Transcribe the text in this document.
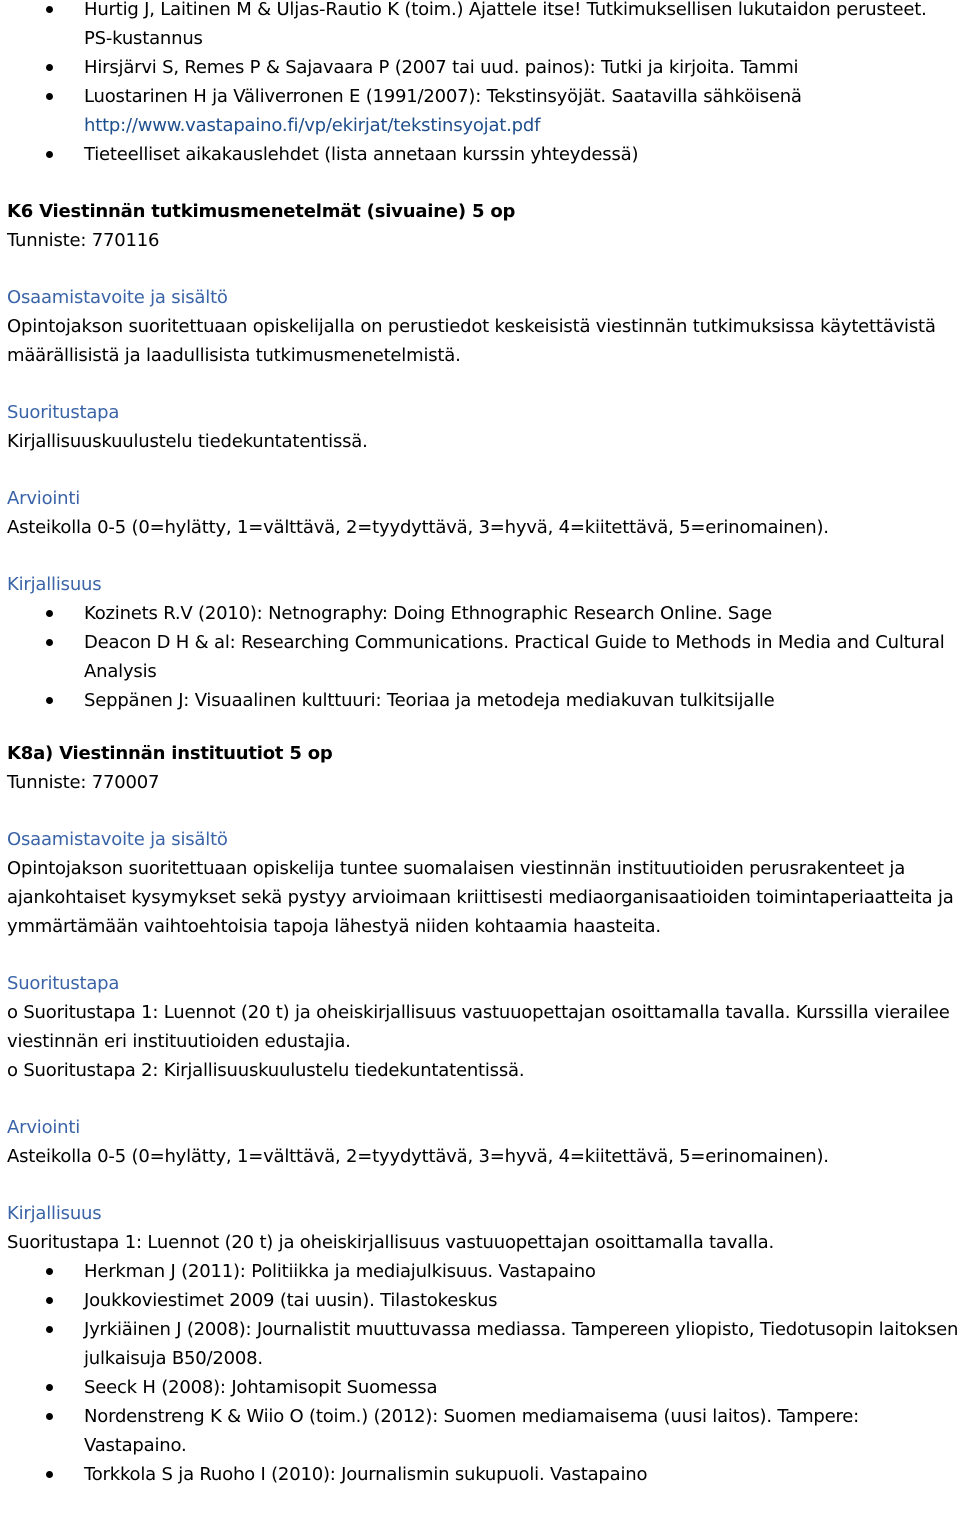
Hurtig J, Laitinen M & Uljas-Rautio K (toim.) Ajattele itse! Tutkimuksellisen lukutaidon perusteet. PS-kustannus
Hirsjärvi S, Remes P & Sajavaara P (2007 tai uud. painos): Tutki ja kirjoita. Tammi
Luostarinen H ja Väliverronen E (1991/2007): Tekstinsyöjät. Saatavilla sähköisenä
http://www.vastapaino.fi/vp/ekirjat/tekstinsyojat.pdf
Tieteelliset aikakauslehdet (lista annetaan kurssin yhteydessä)
K6 Viestinnän tutkimusmenetelmät (sivuaine) 5 op
Tunniste: 770116
Osaamistavoite ja sisältö
Opintojakson suoritettuaan opiskelijalla on perustiedot keskeisistä viestinnän tutkimuksissa käytettävistä määrällisistä ja laadullisista tutkimusmenetelmistä.
Suoritustapa
Kirjallisuuskuulustelu tiedekuntatentissä.
Arviointi
Asteikolla 0-5 (0=hylätty, 1=välttävä, 2=tyydyttävä, 3=hyvä, 4=kiitettävä, 5=erinomainen).
Kirjallisuus
Kozinets R.V (2010): Netnography: Doing Ethnographic Research Online. Sage
Deacon D H & al: Researching Communications. Practical Guide to Methods in Media and Cultural Analysis
Seppänen J: Visuaalinen kulttuuri: Teoriaa ja metodeja mediakuvan tulkitsijalle
K8a) Viestinnän instituutiot 5 op
Tunniste: 770007
Osaamistavoite ja sisältö
Opintojakson suoritettuaan opiskelija tuntee suomalaisen viestinnän instituutioiden perusrakenteet ja ajankohtaiset kysymykset sekä pystyy arvioimaan kriittisesti mediaorganisaatioiden toimintaperiaatteita ja ymmärtämään vaihtoehtoisia tapoja lähestyä niiden kohtaamia haasteita.
Suoritustapa
o Suoritustapa 1: Luennot (20 t) ja oheiskirjallisuus vastuuopettajan osoittamalla tavalla. Kurssilla vierailee viestinnän eri instituutioiden edustajia.
o Suoritustapa 2: Kirjallisuuskuulustelu tiedekuntatentissä.
Arviointi
Asteikolla 0-5 (0=hylätty, 1=välttävä, 2=tyydyttävä, 3=hyvä, 4=kiitettävä, 5=erinomainen).
Kirjallisuus
Suoritustapa 1: Luennot (20 t) ja oheiskirjallisuus vastuuopettajan osoittamalla tavalla.
Herkman J (2011): Politiikka ja mediajulkisuus. Vastapaino
Joukkoviestimet 2009 (tai uusin). Tilastokeskus
Jyrkiäinen J (2008): Journalistit muuttuvassa mediassa. Tampereen yliopisto, Tiedotusopin laitoksen julkaisuja B50/2008.
Seeck H (2008): Johtamisopit Suomessa
Nordenstreng K & Wiio O (toim.) (2012): Suomen mediamaisema (uusi laitos). Tampere: Vastapaino.
Torkkola S ja Ruoho I (2010): Journalismin sukupuoli. Vastapaino
